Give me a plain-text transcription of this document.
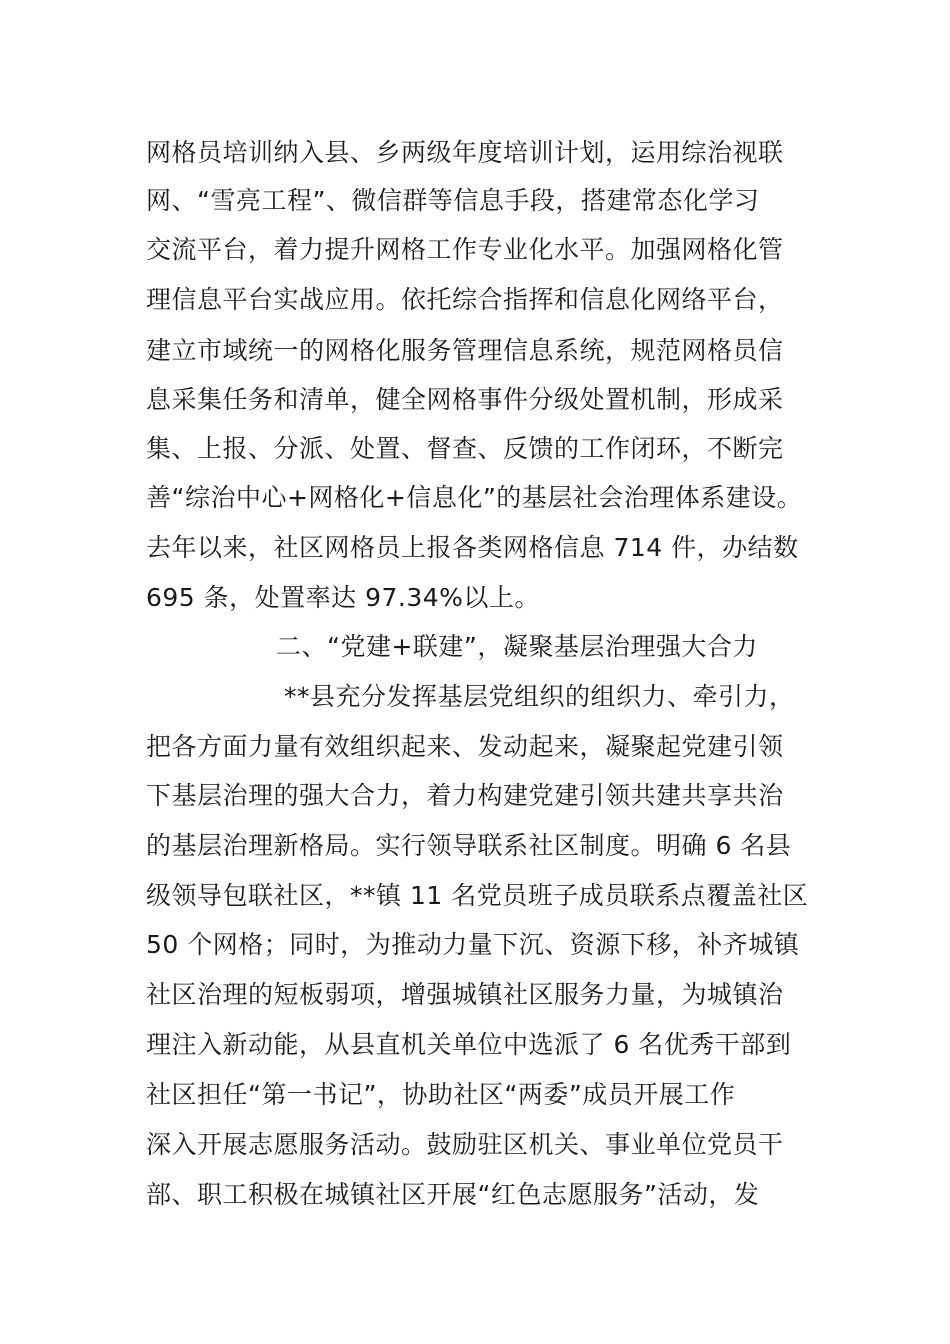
网格员培训纳入县、乡两级年度培训计划，运用综治视联
网、“雪亮工程”、微信群等信息手段，搭建常态化学习
交流平台，着力提升网格工作专业化水平。加强网格化管
理信息平台实战应用。依托综合指挥和信息化网络平台，
建立市域统一的网格化服务管理信息系统，规范网格员信
息采集任务和清单，健全网格事件分级处置机制，形成采
集、上报、分派、处置、督查、反馈的工作闭环，不断完
善“综治中心+网格化+信息化”的基层社会治理体系建设。
去年以来，社区网格员上报各类网格信息 714 件，办结数
695 条，处置率达 97.34%以上。
二、“党建+联建”，凝聚基层治理强大合力
**县充分发挥基层党组织的组织力、牵引力，
把各方面力量有效组织起来、发动起来，凝聚起党建引领
下基层治理的强大合力，着力构建党建引领共建共享共治
的基层治理新格局。实行领导联系社区制度。明确 6 名县
级领导包联社区，**镇 11 名党员班子成员联系点覆盖社区
50 个网格；同时，为推动力量下沉、资源下移，补齐城镇
社区治理的短板弱项，增强城镇社区服务力量，为城镇治
理注入新动能，从县直机关单位中选派了 6 名优秀干部到
社区担任“第一书记”，协助社区“两委”成员开展工作
深入开展志愿服务活动。鼓励驻区机关、事业单位党员干
部、职工积极在城镇社区开展“红色志愿服务”活动，发
